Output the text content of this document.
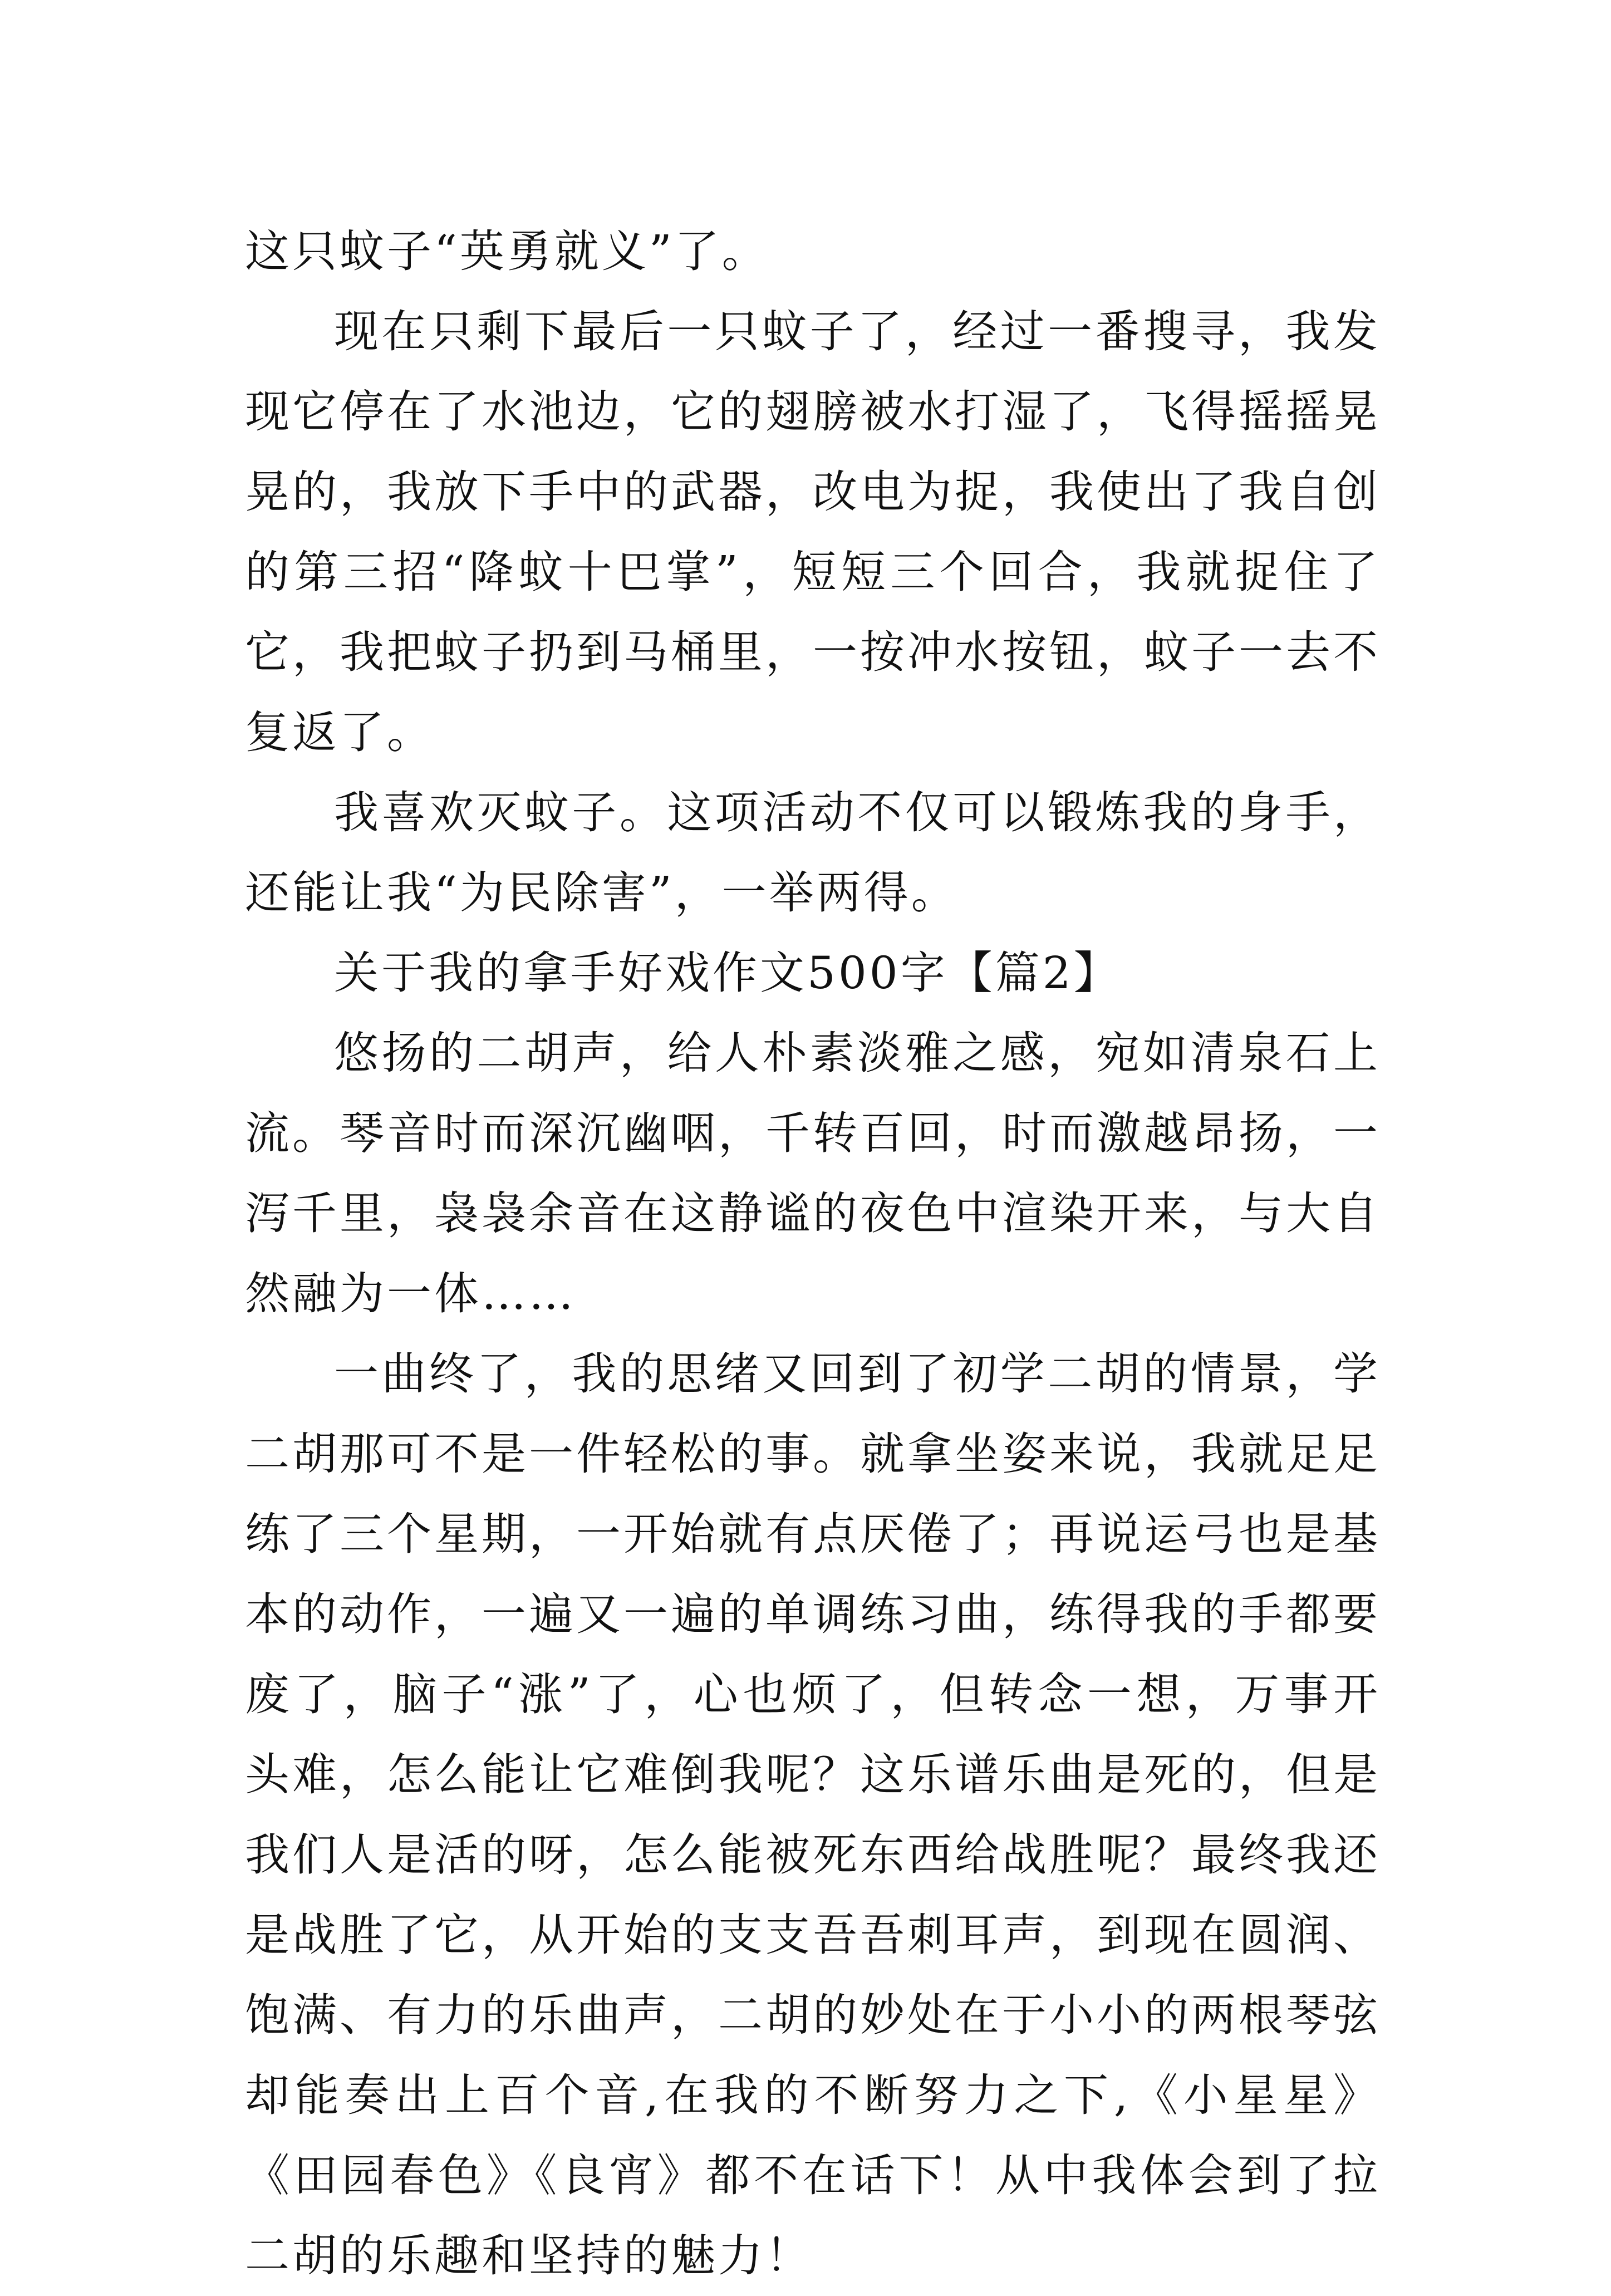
这只蚊子“英勇就义”了。

现在只剩下最后一只蚊子了，经过一番搜寻，我发现它停在了水池边，它的翅膀被水打湿了，飞得摇摇晃晃的，我放下手中的武器，改电为捉，我使出了我自创的第三招“降蚊十巴掌”，短短三个回合，我就捉住了它，我把蚊子扔到马桶里，一按冲水按钮，蚊子一去不复返了。

我喜欢灭蚊子。这项活动不仅可以锻炼我的身手，还能让我“为民除害”，一举两得。

关于我的拿手好戏作文500字【篇2】

悠扬的二胡声，给人朴素淡雅之感，宛如清泉石上流。琴音时而深沉幽咽，千转百回，时而激越昂扬，一泻千里，袅袅余音在这静谧的夜色中渲染开来，与大自然融为一体……

一曲终了，我的思绪又回到了初学二胡的情景，学二胡那可不是一件轻松的事。就拿坐姿来说，我就足足练了三个星期，一开始就有点厌倦了；再说运弓也是基本的动作，一遍又一遍的单调练习曲，练得我的手都要废了，脑子“涨”了，心也烦了，但转念一想，万事开头难，怎么能让它难倒我呢？这乐谱乐曲是死的，但是我们人是活的呀，怎么能被死东西给战胜呢？最终我还是战胜了它，从开始的支支吾吾刺耳声，到现在圆润、饱满、有力的乐曲声，二胡的妙处在于小小的两根琴弦却能奏出上百个音,在我的不断努力之下,《小星星》《田园春色》《良宵》都不在话下！从中我体会到了拉二胡的乐趣和坚持的魅力！
